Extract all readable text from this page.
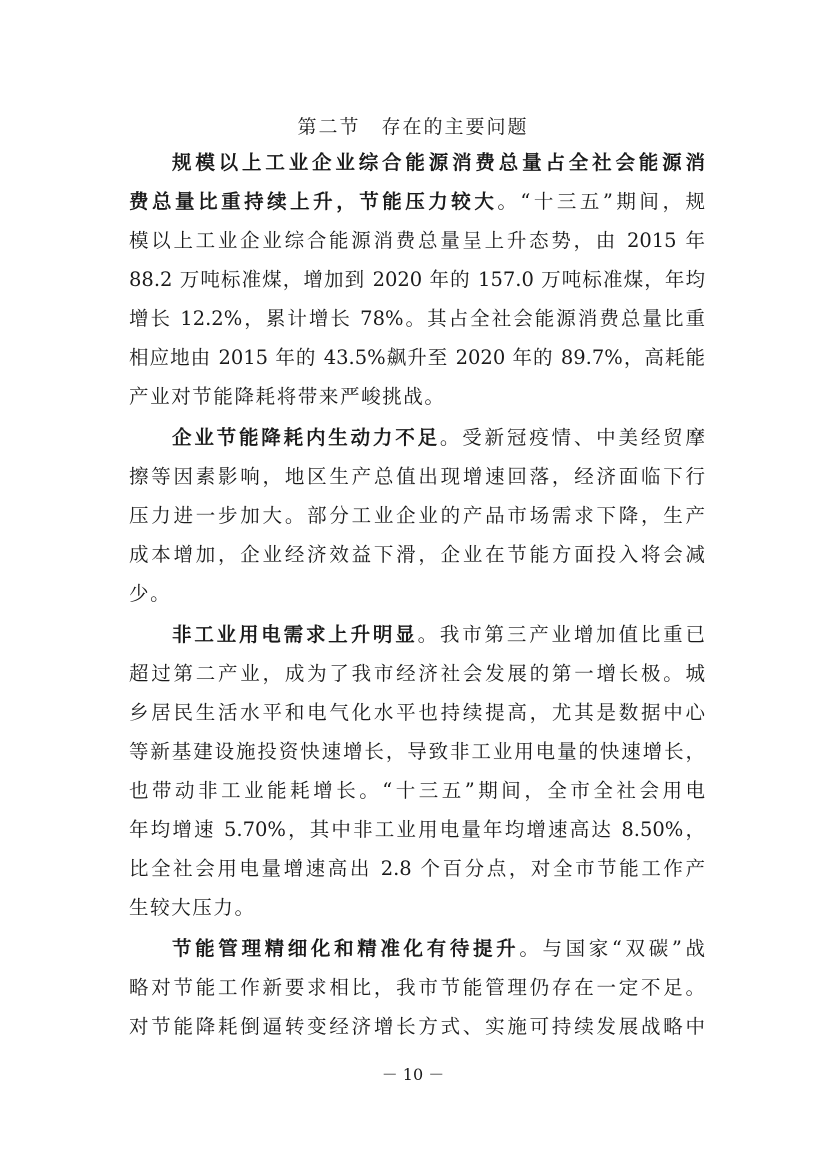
第二节　存在的主要问题
规模以上工业企业综合能源消费总量占全社会能源消
费总量比重持续上升，节能压力较大。“十三五”期间，规
模以上工业企业综合能源消费总量呈上升态势，由 2015 年
88.2 万吨标准煤，增加到 2020 年的 157.0 万吨标准煤，年均
增长 12.2%，累计增长 78%。其占全社会能源消费总量比重
相应地由 2015 年的 43.5%飙升至 2020 年的 89.7%，高耗能
产业对节能降耗将带来严峻挑战。
企业节能降耗内生动力不足。受新冠疫情、中美经贸摩
擦等因素影响，地区生产总值出现增速回落，经济面临下行
压力进一步加大。部分工业企业的产品市场需求下降，生产
成本增加，企业经济效益下滑，企业在节能方面投入将会减
少。
非工业用电需求上升明显。我市第三产业增加值比重已
超过第二产业，成为了我市经济社会发展的第一增长极。城
乡居民生活水平和电气化水平也持续提高，尤其是数据中心
等新基建设施投资快速增长，导致非工业用电量的快速增长，
也带动非工业能耗增长。“十三五”期间，全市全社会用电
年均增速 5.70%，其中非工业用电量年均增速高达 8.50%，
比全社会用电量增速高出 2.8 个百分点，对全市节能工作产
生较大压力。
节能管理精细化和精准化有待提升。与国家“双碳”战
略对节能工作新要求相比，我市节能管理仍存在一定不足。
对节能降耗倒逼转变经济增长方式、实施可持续发展战略中
－ 10 －
